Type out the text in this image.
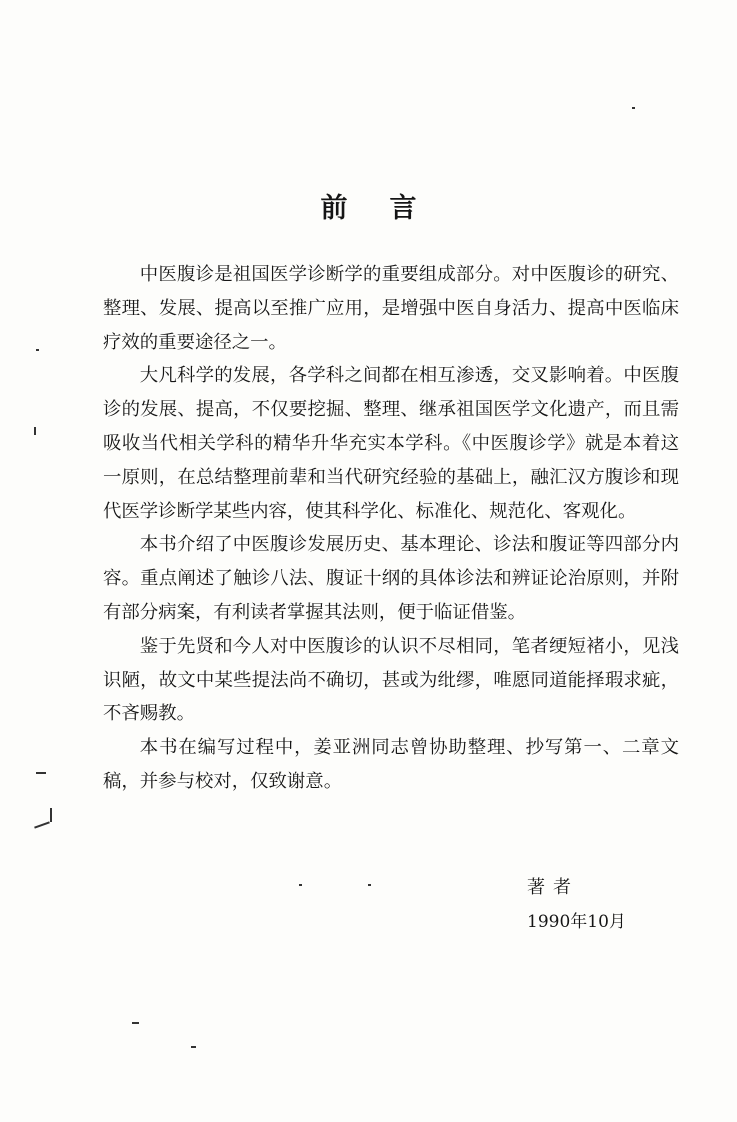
前 言

中医腹诊是祖国医学诊断学的重要组成部分。对中医腹诊的研究、整理、发展、提高以至推广应用，是增强中医自身活力、提高中医临床疗效的重要途径之一。

大凡科学的发展，各学科之间都在相互渗透，交叉影响着。中医腹诊的发展、提高，不仅要挖掘、整理、继承祖国医学文化遗产，而且需吸收当代相关学科的精华升华充实本学科。《中医腹诊学》就是本着这一原则，在总结整理前辈和当代研究经验的基础上，融汇汉方腹诊和现代医学诊断学某些内容，使其科学化、标准化、规范化、客观化。

本书介绍了中医腹诊发展历史、基本理论、诊法和腹证等四部分内容。重点阐述了触诊八法、腹证十纲的具体诊法和辨证论治原则，并附有部分病案，有利读者掌握其法则，便于临证借鉴。

鉴于先贤和今人对中医腹诊的认识不尽相同，笔者绠短褚小，见浅识陋，故文中某些提法尚不确切，甚或为纰缪，唯愿同道能择瑕求疵，不吝赐教。

本书在编写过程中，姜亚洲同志曾协助整理、抄写第一、二章文稿，并参与校对，仅致谢意。

著者
1990年10月
